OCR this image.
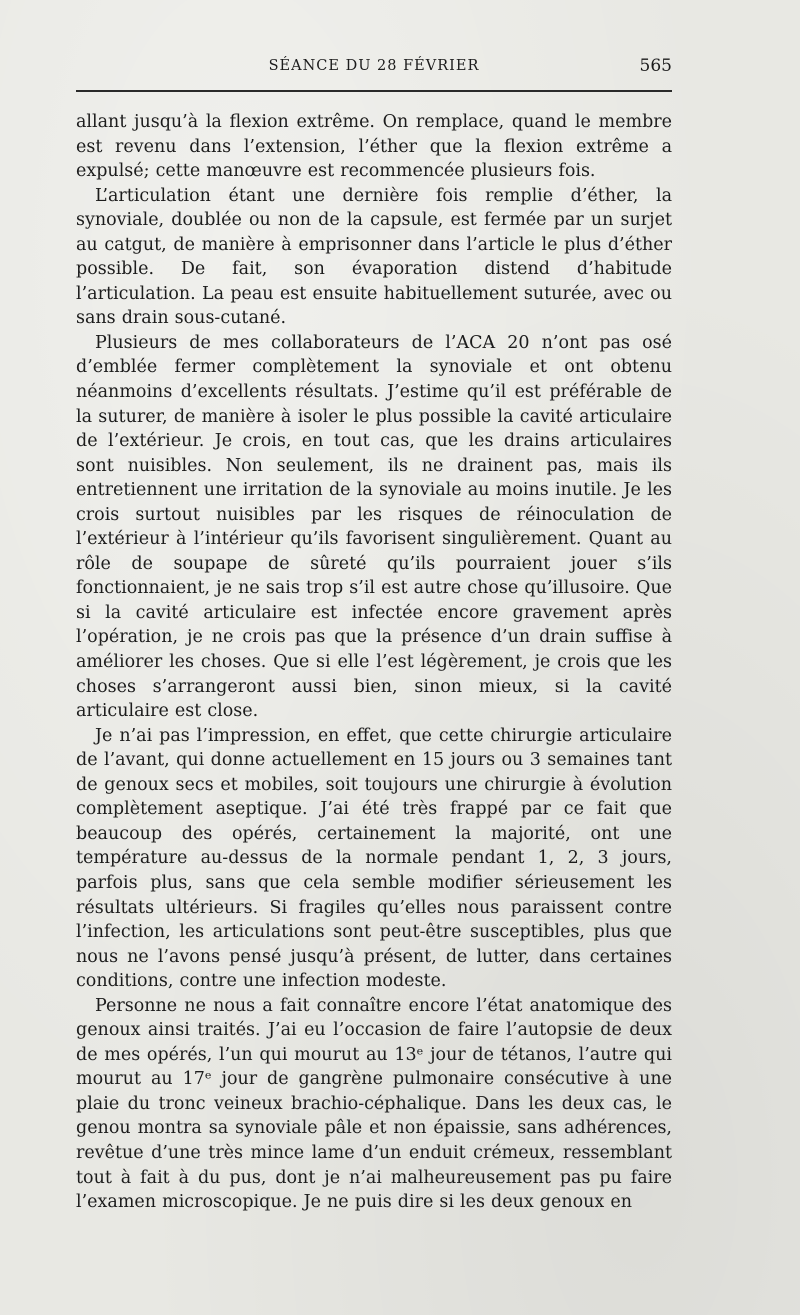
SÉANCE DU 28 FÉVRIER	565

allant jusqu’à la flexion extrême. On remplace, quand le membre est revenu dans l’extension, l’éther que la flexion extrême a expulsé; cette manœuvre est recommencée plusieurs fois.

L’articulation étant une dernière fois remplie d’éther, la synoviale, doublée ou non de la capsule, est fermée par un surjet au catgut, de manière à emprisonner dans l’article le plus d’éther possible. De fait, son évaporation distend d’habitude l’articulation. La peau est ensuite habituellement suturée, avec ou sans drain sous-cutané.

Plusieurs de mes collaborateurs de l’ACA 20 n’ont pas osé d’emblée fermer complètement la synoviale et ont obtenu néanmoins d’excellents résultats. J’estime qu’il est préférable de la suturer, de manière à isoler le plus possible la cavité articulaire de l’extérieur. Je crois, en tout cas, que les drains articulaires sont nuisibles. Non seulement, ils ne drainent pas, mais ils entretiennent une irritation de la synoviale au moins inutile. Je les crois surtout nuisibles par les risques de réinoculation de l’extérieur à l’intérieur qu’ils favorisent singulièrement. Quant au rôle de soupape de sûreté qu’ils pourraient jouer s’ils fonctionnaient, je ne sais trop s’il est autre chose qu’illusoire. Que si la cavité articulaire est infectée encore gravement après l’opération, je ne crois pas que la présence d’un drain suffise à améliorer les choses. Que si elle l’est légèrement, je crois que les choses s’arrangeront aussi bien, sinon mieux, si la cavité articulaire est close.

Je n’ai pas l’impression, en effet, que cette chirurgie articulaire de l’avant, qui donne actuellement en 15 jours ou 3 semaines tant de genoux secs et mobiles, soit toujours une chirurgie à évolution complètement aseptique. J’ai été très frappé par ce fait que beaucoup des opérés, certainement la majorité, ont une température au-dessus de la normale pendant 1, 2, 3 jours, parfois plus, sans que cela semble modifier sérieusement les résultats ultérieurs. Si fragiles qu’elles nous paraissent contre l’infection, les articulations sont peut-être susceptibles, plus que nous ne l’avons pensé jusqu’à présent, de lutter, dans certaines conditions, contre une infection modeste.

Personne ne nous a fait connaître encore l’état anatomique des genoux ainsi traités. J’ai eu l’occasion de faire l’autopsie de deux de mes opérés, l’un qui mourut au 13ᵉ jour de tétanos, l’autre qui mourut au 17ᵉ jour de gangrène pulmonaire consécutive à une plaie du tronc veineux brachio-céphalique. Dans les deux cas, le genou montra sa synoviale pâle et non épaissie, sans adhérences, revêtue d’une très mince lame d’un enduit crémeux, ressemblant tout à fait à du pus, dont je n’ai malheureusement pas pu faire l’examen microscopique. Je ne puis dire si les deux genoux en
